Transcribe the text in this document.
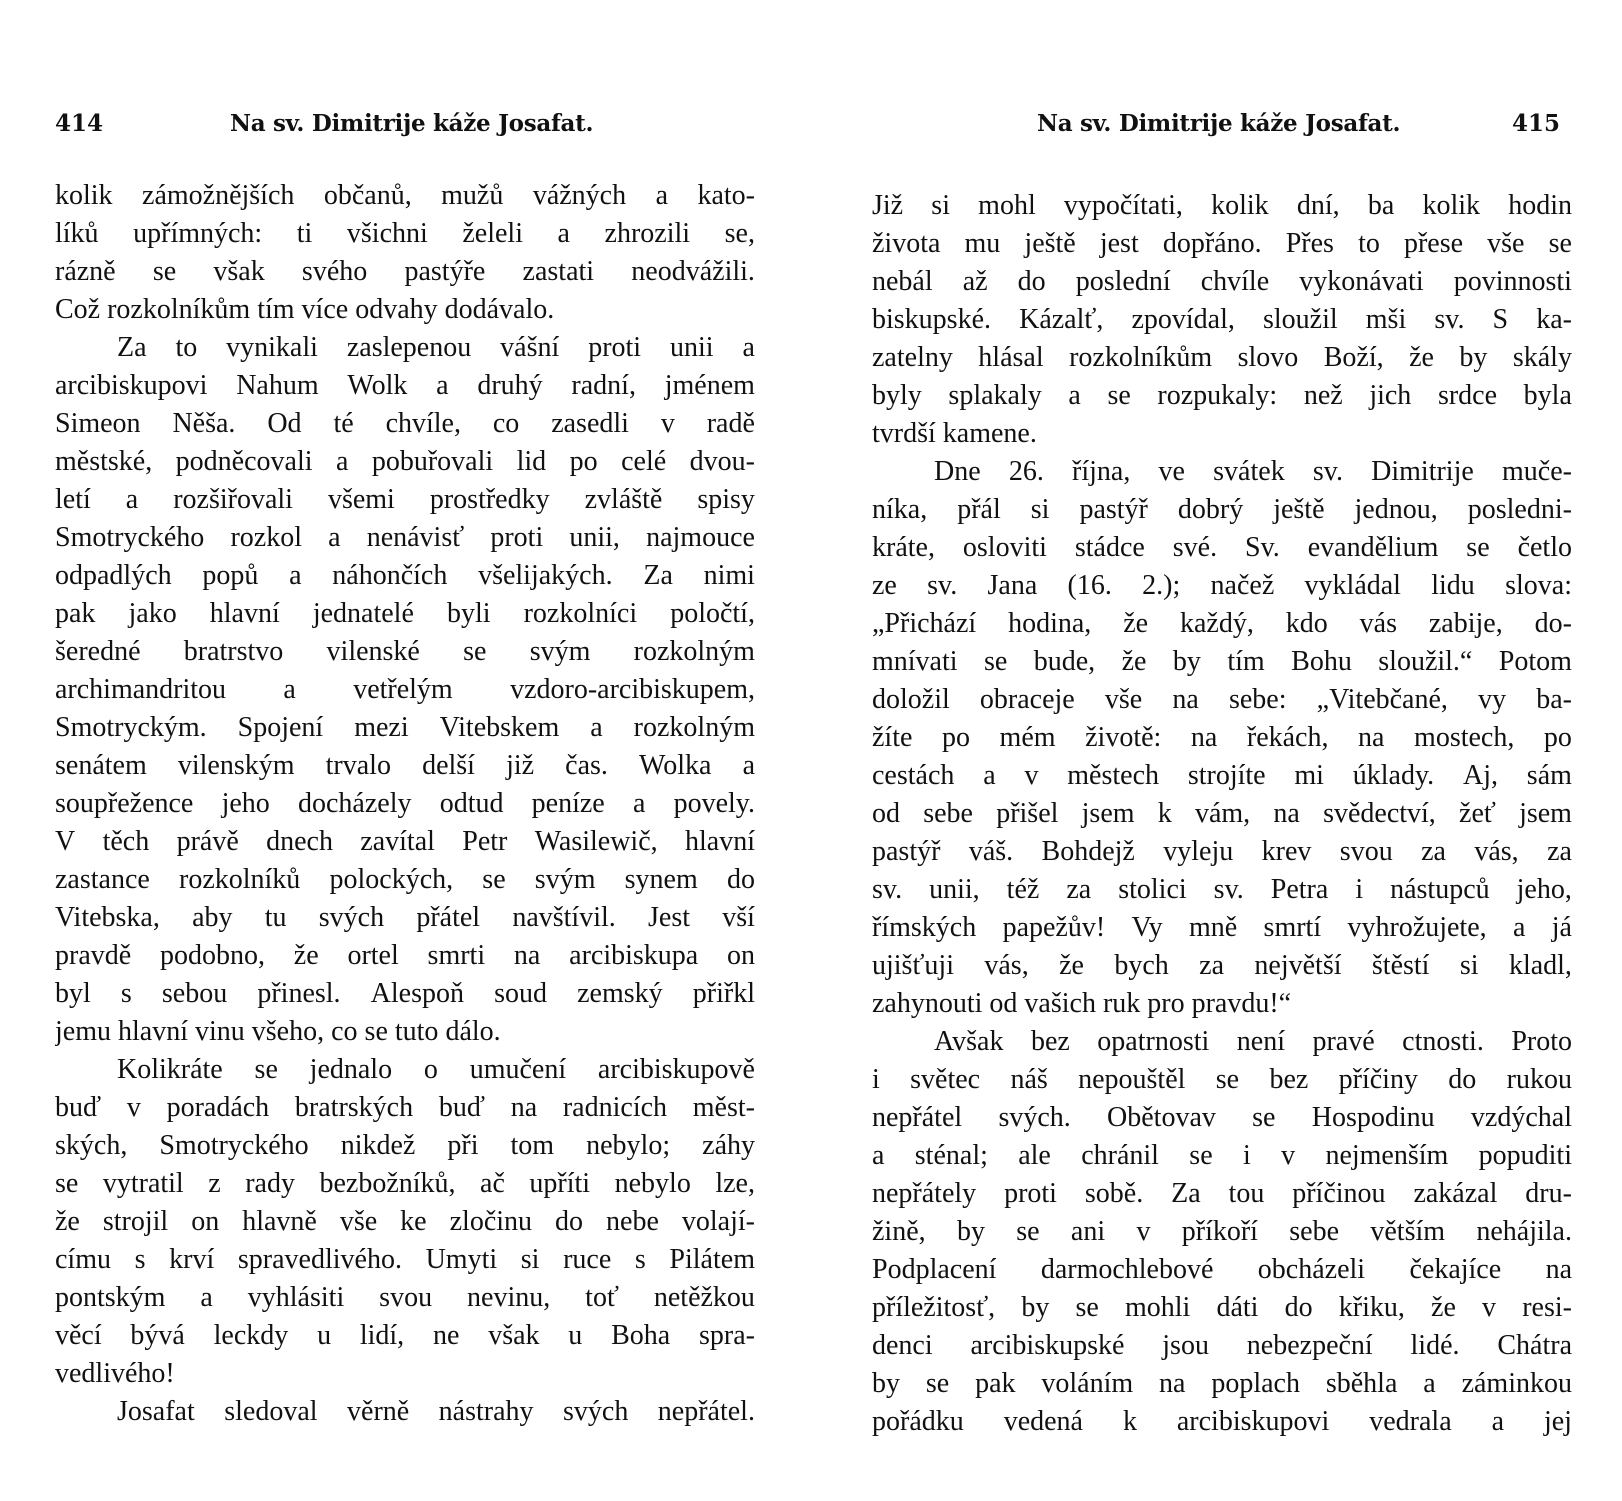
414	Na sv. Dimitrije káže Josafat.
kolik zámožnějších občanů, mužů vážných a kato-
líků upřímných: ti všichni želeli a zhrozili se,
rázně se však svého pastýře zastati neodvážili.
Což
rozkolníkům
tím
více
odvahy
dodávalo.
Za to vynikali zaslepenou vášní proti unii a
arcibiskupovi Nahum Wolk a druhý radní, jménem
Simeon Něša. Od té chvíle, co zasedli v radě
městské, podněcovali a pobuřovali lid po celé dvou-
letí a rozšiřovali všemi prostředky zvláště spisy
Smotryckého rozkol a nenávisť proti unii, najmouce
odpadlých popů a náhončích všelijakých. Za nimi
pak jako hlavní jednatelé byli rozkolníci poločtí,
šeredné bratrstvo vilenské se svým rozkolným
archimandritou a vetřelým vzdoro-arcibiskupem,
Smotryckým. Spojení mezi Vitebskem a rozkolným
senátem vilenským trvalo delší již čas. Wolka a
soupřežence jeho docházely odtud peníze a povely.
V těch právě dnech zavítal Petr Wasilewič, hlavní
zastance rozkolníků polockých, se svým synem do
Vitebska, aby tu svých přátel navštívil. Jest vší
pravdě podobno, že ortel smrti na arcibiskupa on
byl s sebou přinesl. Alespoň soud zemský přiřkl
jemu
hlavní
vinu
všeho,
co
se
tuto
dálo.
Kolikráte se jednalo o umučení arcibiskupově
buď v poradách bratrských buď na radnicích měst-
ských, Smotryckého nikdež při tom nebylo; záhy
se vytratil z rady bezbožníků, ač upříti nebylo lze,
že strojil on hlavně vše ke zločinu do nebe volají-
címu s krví spravedlivého. Umyti si ruce s Pilátem
pontským a vyhlásiti svou nevinu, toť netěžkou
věcí bývá leckdy u lidí, ne však u Boha spra-
vedlivého!
Josafat sledoval věrně nástrahy svých nepřátel.
Na sv. Dimitrije káže Josafat.	415
Již si mohl vypočítati, kolik dní, ba kolik hodin
života mu ještě jest dopřáno. Přes to přese vše se
nebál až do poslední chvíle vykonávati povinnosti
biskupské. Kázalť, zpovídal, sloužil mši sv. S ka-
zatelny hlásal rozkolníkům slovo Boží, že by skály
byly splakaly a se rozpukaly: než jich srdce byla
tvrdší
kamene.
Dne 26. října, ve svátek sv. Dimitrije muče-
níka, přál si pastýř dobrý ještě jednou, posledni-
kráte, osloviti stádce své. Sv. evandělium se četlo
ze sv. Jana (16. 2.); načež vykládal lidu slova:
„Přichází hodina, že každý, kdo vás zabije, do-
mnívati se bude, že by tím Bohu sloužil.“ Potom
doložil obraceje vše na sebe: „Vitebčané, vy ba-
žíte po mém životě: na řekách, na mostech, po
cestách a v městech strojíte mi úklady. Aj, sám
od sebe přišel jsem k vám, na svědectví, žeť jsem
pastýř váš. Bohdejž vyleju krev svou za vás, za
sv. unii, též za stolici sv. Petra i nástupců jeho,
římských papežův! Vy mně smrtí vyhrožujete, a já
ujišťuji vás, že bych za největší štěstí si kladl,
zahynouti
od
vašich
ruk
pro
pravdu!“
Avšak bez opatrnosti není pravé ctnosti. Proto
i světec náš nepouštěl se bez příčiny do rukou
nepřátel svých. Obětovav se Hospodinu vzdýchal
a sténal; ale chránil se i v nejmenším popuditi
nepřátely proti sobě. Za tou příčinou zakázal dru-
žině, by se ani v příkoří sebe větším nehájila.
Podplacení darmochlebové obcházeli čekajíce na
příležitosť, by se mohli dáti do křiku, že v resi-
denci arcibiskupské jsou nebezpeční lidé. Chátra
by se pak voláním na poplach sběhla a záminkou
pořádku vedená k arcibiskupovi vedrala a jej
